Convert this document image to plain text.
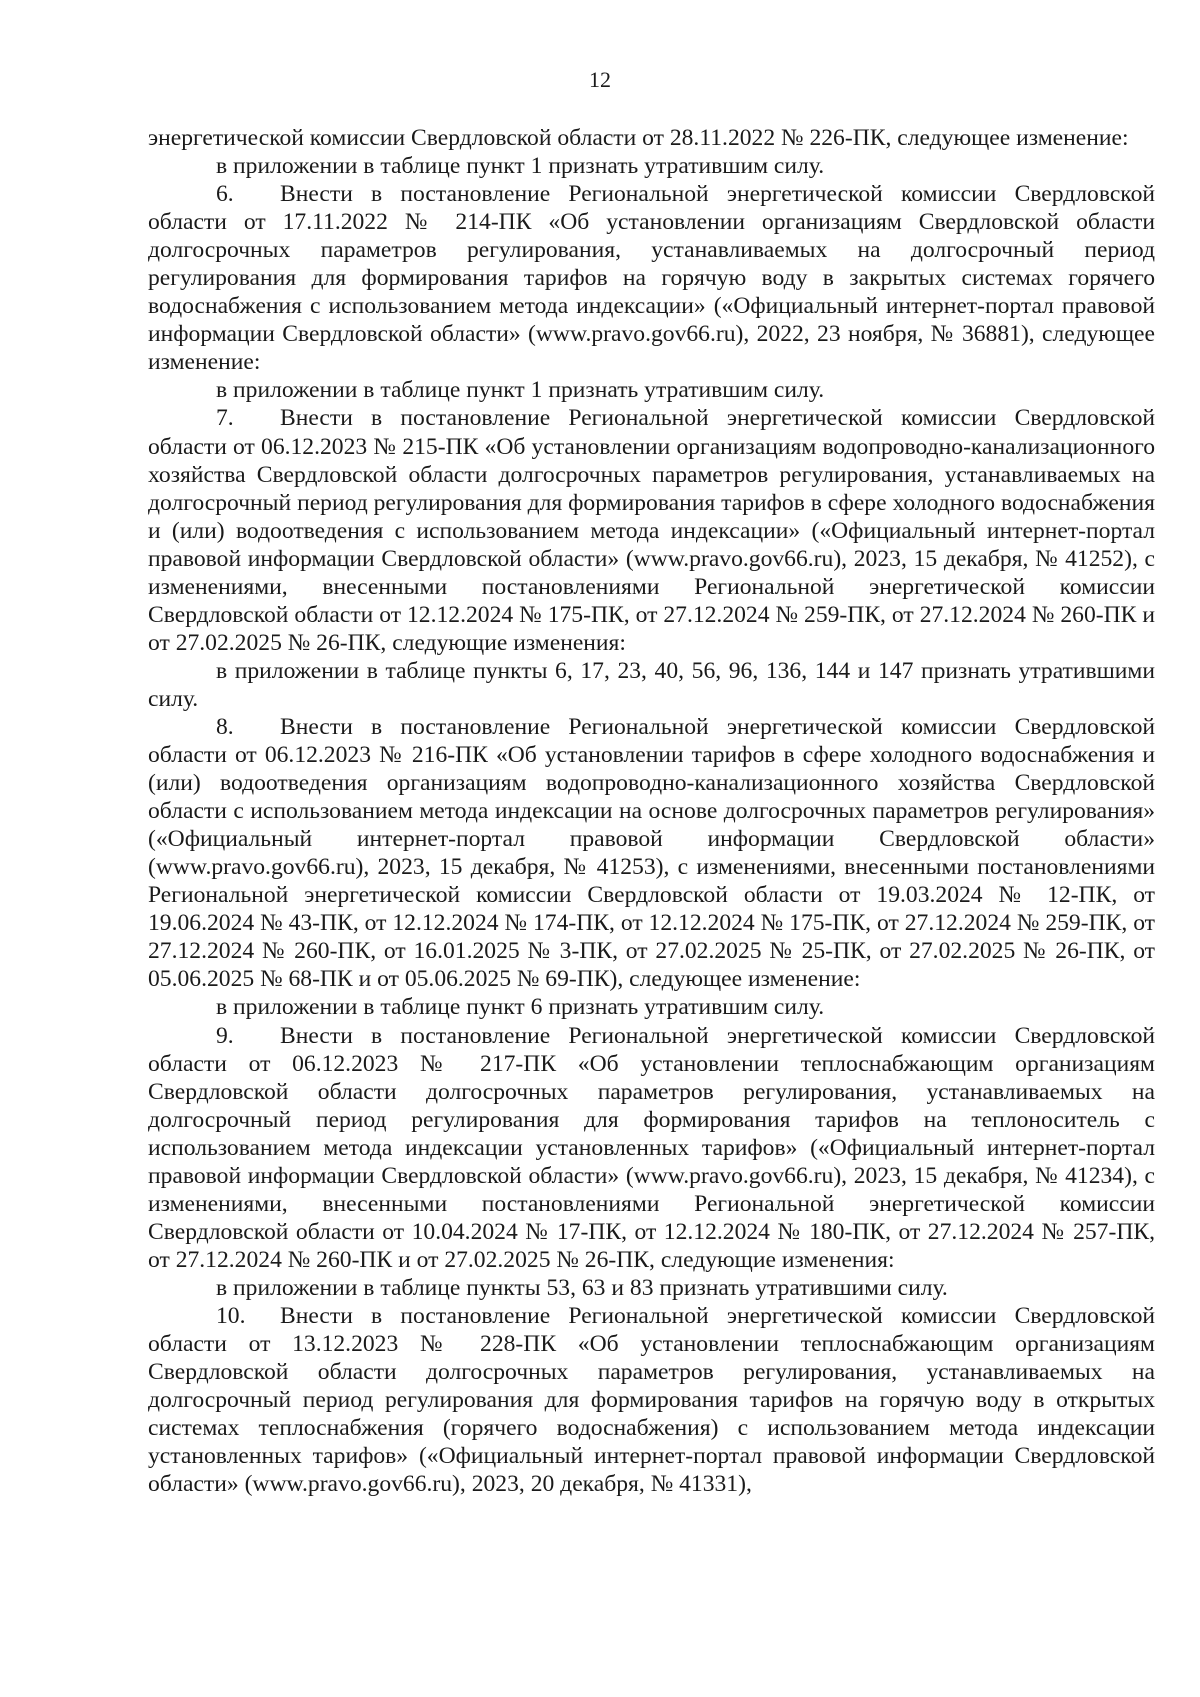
12

энергетической комиссии Свердловской области от 28.11.2022 № 226-ПК, следующее изменение:

в приложении в таблице пункт 1 признать утратившим силу.

6. Внести в постановление Региональной энергетической комиссии Свердловской области от 17.11.2022 № 214-ПК «Об установлении организациям Свердловской области долгосрочных параметров регулирования, устанавливаемых на долгосрочный период регулирования для формирования тарифов на горячую воду в закрытых системах горячего водоснабжения с использованием метода индексации» («Официальный интернет-портал правовой информации Свердловской области» (www.pravo.gov66.ru), 2022, 23 ноября, № 36881), следующее изменение:

в приложении в таблице пункт 1 признать утратившим силу.

7. Внести в постановление Региональной энергетической комиссии Свердловской области от 06.12.2023 № 215-ПК «Об установлении организациям водопроводно-канализационного хозяйства Свердловской области долгосрочных параметров регулирования, устанавливаемых на долгосрочный период регулирования для формирования тарифов в сфере холодного водоснабжения и (или) водоотведения с использованием метода индексации» («Официальный интернет-портал правовой информации Свердловской области» (www.pravo.gov66.ru), 2023, 15 декабря, № 41252), с изменениями, внесенными постановлениями Региональной энергетической комиссии Свердловской области от 12.12.2024 № 175-ПК, от 27.12.2024 № 259-ПК, от 27.12.2024 № 260-ПК и от 27.02.2025 № 26-ПК, следующие изменения:

в приложении в таблице пункты 6, 17, 23, 40, 56, 96, 136, 144 и 147 признать утратившими силу.

8. Внести в постановление Региональной энергетической комиссии Свердловской области от 06.12.2023 № 216-ПК «Об установлении тарифов в сфере холодного водоснабжения и (или) водоотведения организациям водопроводно-канализационного хозяйства Свердловской области с использованием метода индексации на основе долгосрочных параметров регулирования» («Официальный интернет-портал правовой информации Свердловской области» (www.pravo.gov66.ru), 2023, 15 декабря, № 41253), с изменениями, внесенными постановлениями Региональной энергетической комиссии Свердловской области от 19.03.2024 № 12-ПК, от 19.06.2024 № 43-ПК, от 12.12.2024 № 174-ПК, от 12.12.2024 № 175-ПК, от 27.12.2024 № 259-ПК, от 27.12.2024 № 260-ПК, от 16.01.2025 № 3-ПК, от 27.02.2025 № 25-ПК, от 27.02.2025 № 26-ПК, от 05.06.2025 № 68-ПК и от 05.06.2025 № 69-ПК), следующее изменение:

в приложении в таблице пункт 6 признать утратившим силу.

9. Внести в постановление Региональной энергетической комиссии Свердловской области от 06.12.2023 № 217-ПК «Об установлении теплоснабжающим организациям Свердловской области долгосрочных параметров регулирования, устанавливаемых на долгосрочный период регулирования для формирования тарифов на теплоноситель с использованием метода индексации установленных тарифов» («Официальный интернет-портал правовой информации Свердловской области» (www.pravo.gov66.ru), 2023, 15 декабря, № 41234), с изменениями, внесенными постановлениями Региональной энергетической комиссии Свердловской области от 10.04.2024 № 17-ПК, от 12.12.2024 № 180-ПК, от 27.12.2024 № 257-ПК, от 27.12.2024 № 260-ПК и от 27.02.2025 № 26-ПК, следующие изменения:

в приложении в таблице пункты 53, 63 и 83 признать утратившими силу.

10. Внести в постановление Региональной энергетической комиссии Свердловской области от 13.12.2023 № 228-ПК «Об установлении теплоснабжающим организациям Свердловской области долгосрочных параметров регулирования, устанавливаемых на долгосрочный период регулирования для формирования тарифов на горячую воду в открытых системах теплоснабжения (горячего водоснабжения) с использованием метода индексации установленных тарифов» («Официальный интернет-портал правовой информации Свердловской области» (www.pravo.gov66.ru), 2023, 20 декабря, № 41331),
